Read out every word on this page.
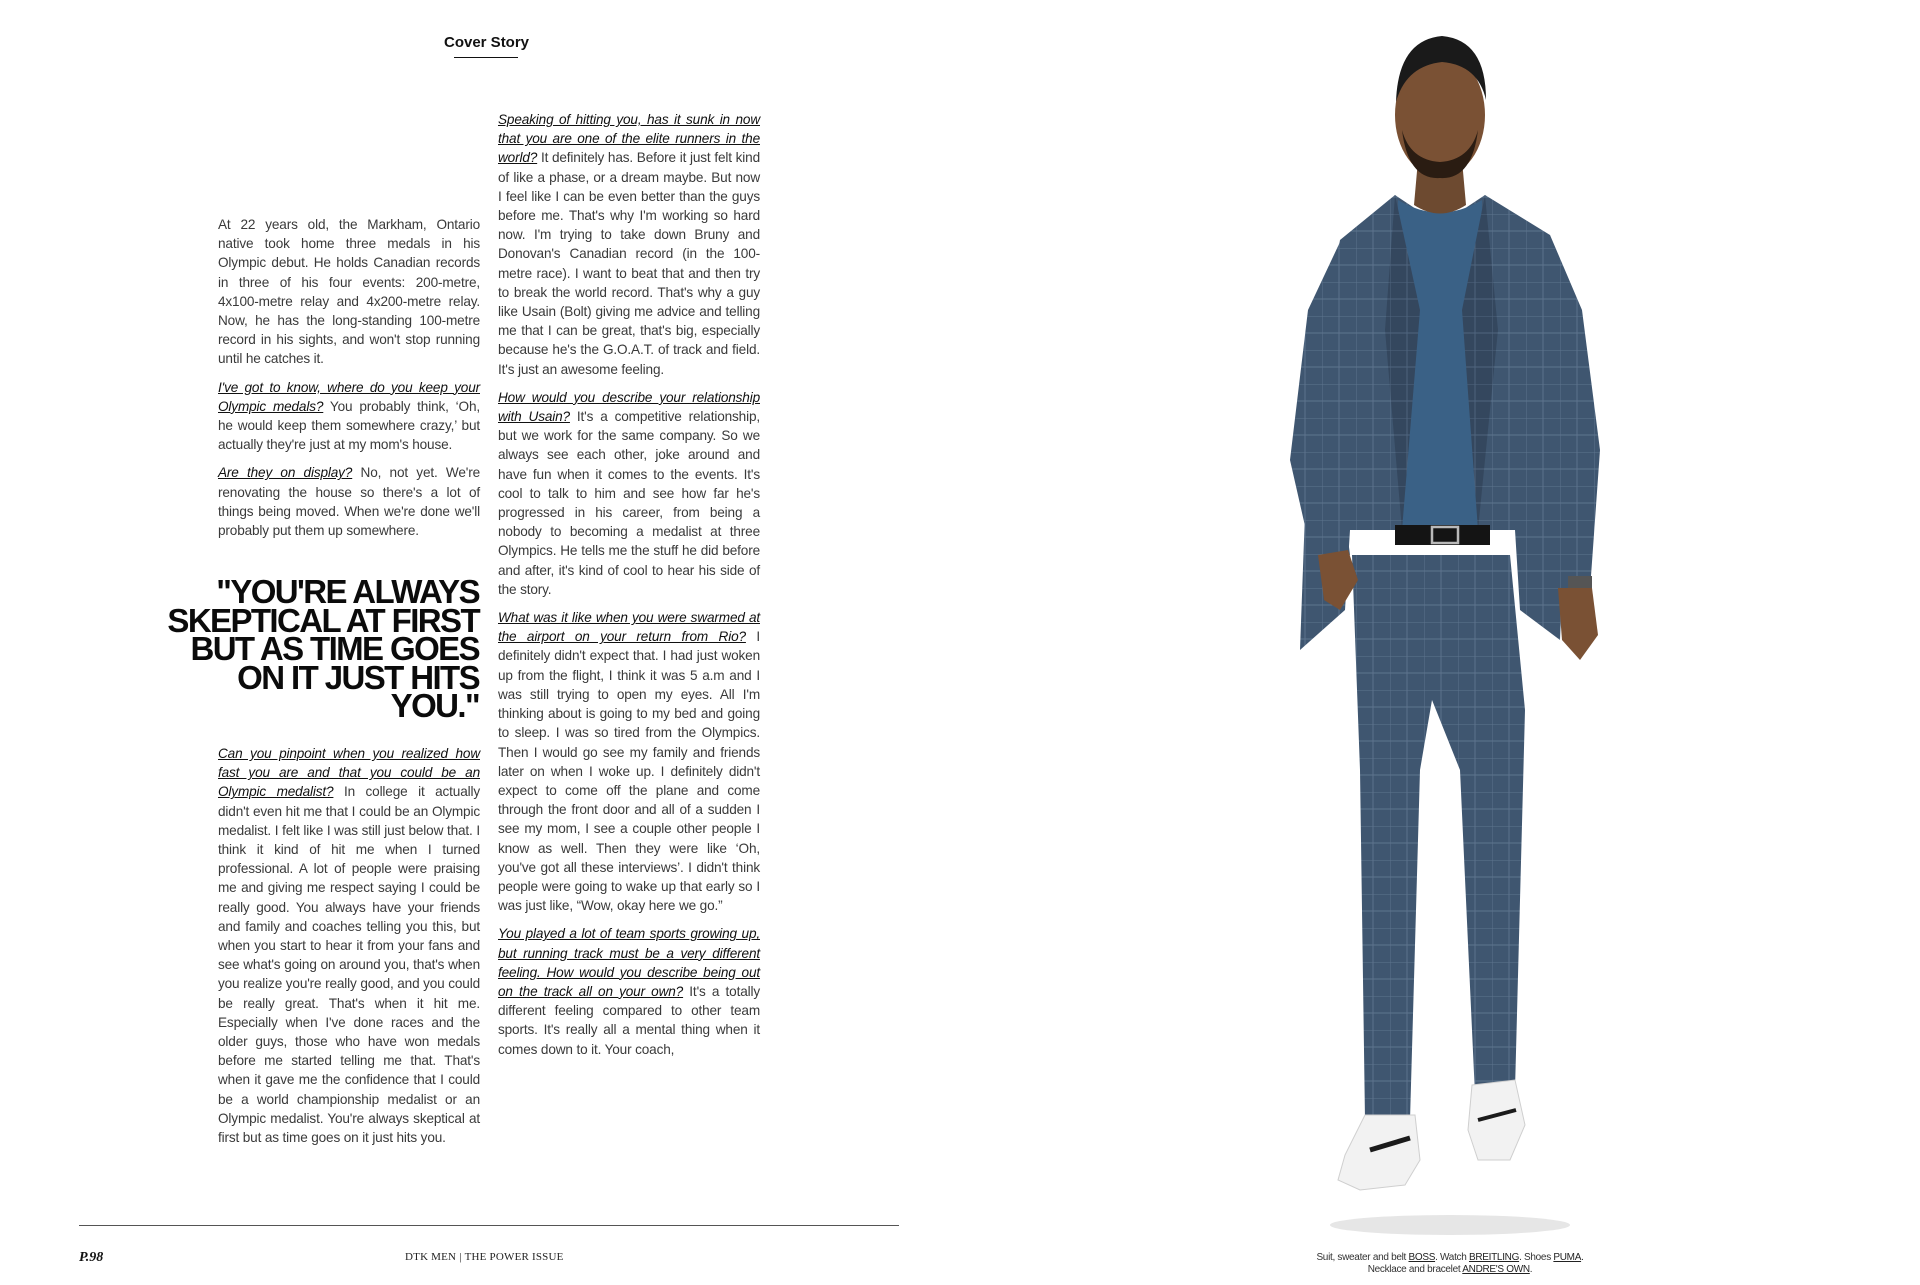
Cover Story

At 22 years old, the Markham, Ontario native took home three medals in his Olympic debut. He holds Canadian records in three of his four events: 200-metre, 4x100-metre relay and 4x200-metre relay. Now, he has the long-standing 100-metre record in his sights, and won't stop running until he catches it.

I've got to know, where do you keep your Olympic medals? You probably think, ‘Oh, he would keep them somewhere crazy,’ but actually they're just at my mom's house.

Are they on display? No, not yet. We're renovating the house so there's a lot of things being moved. When we're done we'll probably put them up somewhere.

"YOU'RE ALWAYS SKEPTICAL AT FIRST BUT AS TIME GOES ON IT JUST HITS YOU."

Can you pinpoint when you realized how fast you are and that you could be an Olympic medalist? In college it actually didn't even hit me that I could be an Olympic medalist. I felt like I was still just below that. I think it kind of hit me when I turned professional. A lot of people were praising me and giving me respect saying I could be really good. You always have your friends and family and coaches telling you this, but when you start to hear it from your fans and see what's going on around you, that's when you realize you're really good, and you could be really great. That's when it hit me. Especially when I've done races and the older guys, those who have won medals before me started telling me that. That's when it gave me the confidence that I could be a world championship medalist or an Olympic medalist. You're always skeptical at first but as time goes on it just hits you.

Speaking of hitting you, has it sunk in now that you are one of the elite runners in the world? It definitely has. Before it just felt kind of like a phase, or a dream maybe. But now I feel like I can be even better than the guys before me. That's why I'm working so hard now. I'm trying to take down Bruny and Donovan's Canadian record (in the 100-metre race). I want to beat that and then try to break the world record. That's why a guy like Usain (Bolt) giving me advice and telling me that I can be great, that's big, especially because he's the G.O.A.T. of track and field. It's just an awesome feeling.

How would you describe your relationship with Usain? It's a competitive relationship, but we work for the same company. So we always see each other, joke around and have fun when it comes to the events. It's cool to talk to him and see how far he's progressed in his career, from being a nobody to becoming a medalist at three Olympics. He tells me the stuff he did before and after, it's kind of cool to hear his side of the story.

What was it like when you were swarmed at the airport on your return from Rio? I definitely didn't expect that. I had just woken up from the flight, I think it was 5 a.m and I was still trying to open my eyes. All I'm thinking about is going to my bed and going to sleep. I was so tired from the Olympics. Then I would go see my family and friends later on when I woke up. I definitely didn't expect to come off the plane and come through the front door and all of a sudden I see my mom, I see a couple other people I know as well. Then they were like ‘Oh, you've got all these interviews’. I didn't think people were going to wake up that early so I was just like, “Wow, okay here we go.”

You played a lot of team sports growing up, but running track must be a very different feeling. How would you describe being out on the track all on your own? It's a totally different feeling compared to other team sports. It's really all a mental thing when it comes down to it. Your coach,

P.98	DTK MEN | THE POWER ISSUE	Suit, sweater and belt BOSS. Watch BREITLING. Shoes PUMA.
Necklace and bracelet ANDRE'S OWN.
